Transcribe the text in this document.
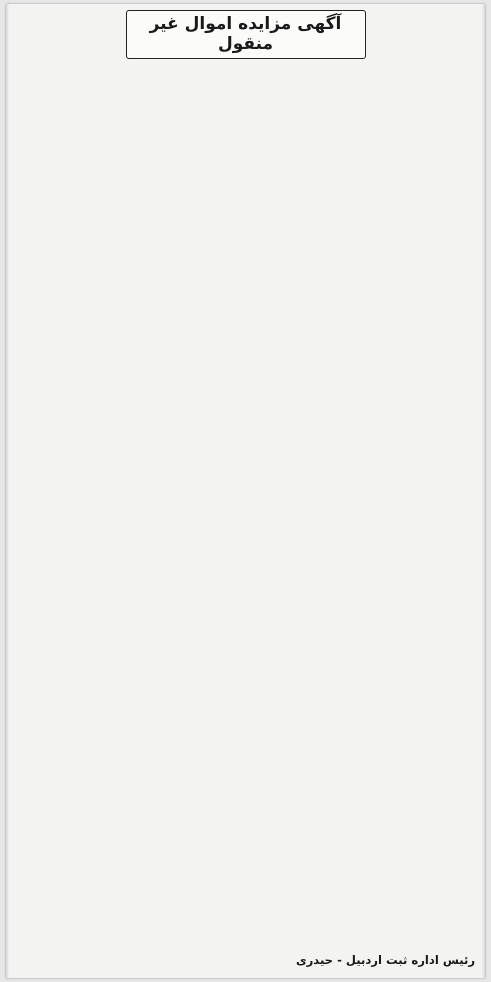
آگهی مزایده اموال غیر منقول
رئیس اداره ثبت اردبیل - حیدری
